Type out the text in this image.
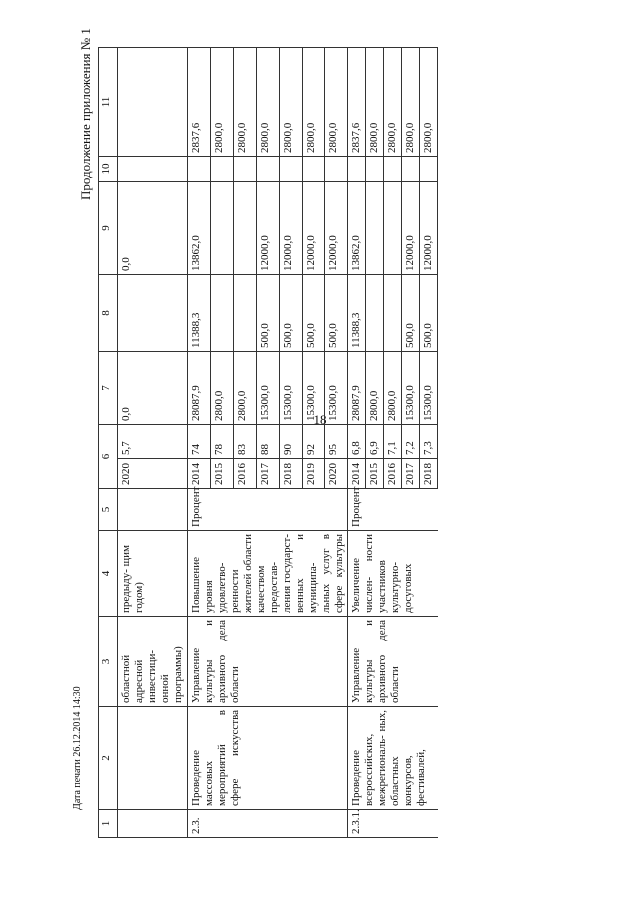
18
Продолжение приложения № 1
Дата печати 26.12.2014 14:30
1	2	3	4	5	6		7	8	9	10	11
		областной адресной инвестици- онной программы)	предыду- щим годом)		2020	5,7	0,0		0,0		
2.3.	Проведение массовых мероприятий в сфере искусства	Управление культуры и архивного дела области	Повышение уровня удовлетво- ренности жителей области качеством предостав- ления государст- венных и муниципа- льных услуг в сфере культуры	Процент	2014	74	28087,9	11388,3	13862,0		2837,6
					2015	78	2800,0				2800,0
					2016	83	2800,0				2800,0
					2017	88	15300,0	500,0	12000,0		2800,0
					2018	90	15300,0	500,0	12000,0		2800,0
					2019	92	15300,0	500,0	12000,0		2800,0
					2020	95	15300,0	500,0	12000,0		2800,0
2.3.1.	Проведение всероссийских, межрегиональ- ных, областных конкурсов, фестивалей,	Управление культуры и архивного дела области	Увеличение числен- ности участников культурно- досуговых	Процент	2014	6,8	28087,9	11388,3	13862,0		2837,6
					2015	6,9	2800,0				2800,0
					2016	7,1	2800,0				2800,0
					2017	7,2	15300,0	500,0	12000,0		2800,0
					2018	7,3	15300,0	500,0	12000,0		2800,0
